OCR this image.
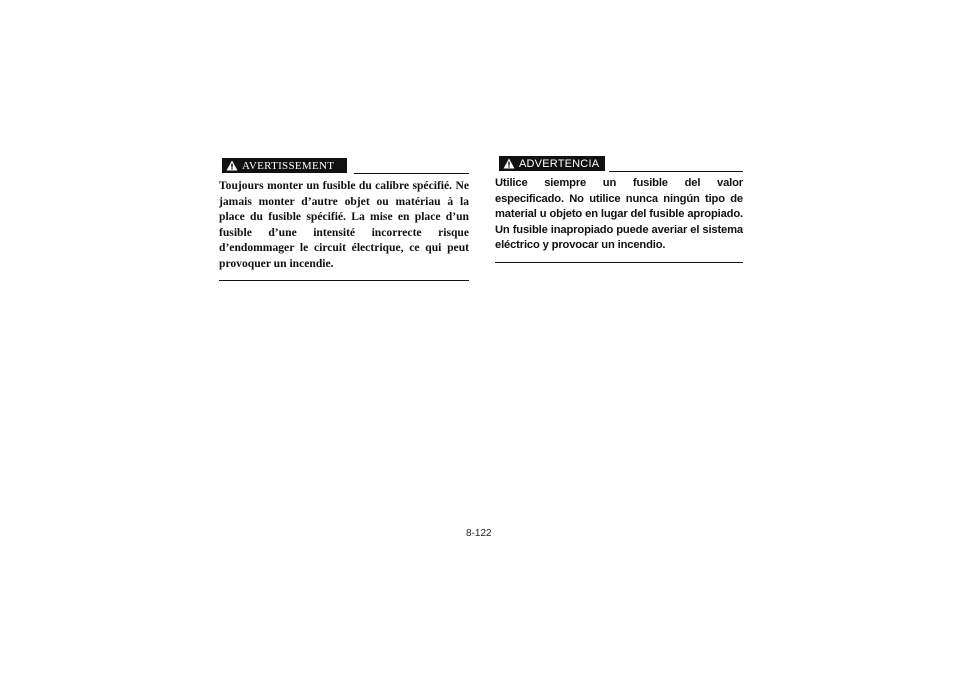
AVERTISSEMENT

Toujours monter un fusible du calibre spécifié. Ne jamais monter d’autre objet ou matériau à la place du fusible spécifié. La mise en place d’un fusible d’une intensité incorrecte risque d’endommager le circuit électrique, ce qui peut provoquer un incendie.

ADVERTENCIA

Utilice siempre un fusible del valor especificado. No utilice nunca ningún tipo de material u objeto en lugar del fusible apropiado. Un fusible inapropiado puede averiar el sistema eléctrico y provocar un incendio.

8-122
